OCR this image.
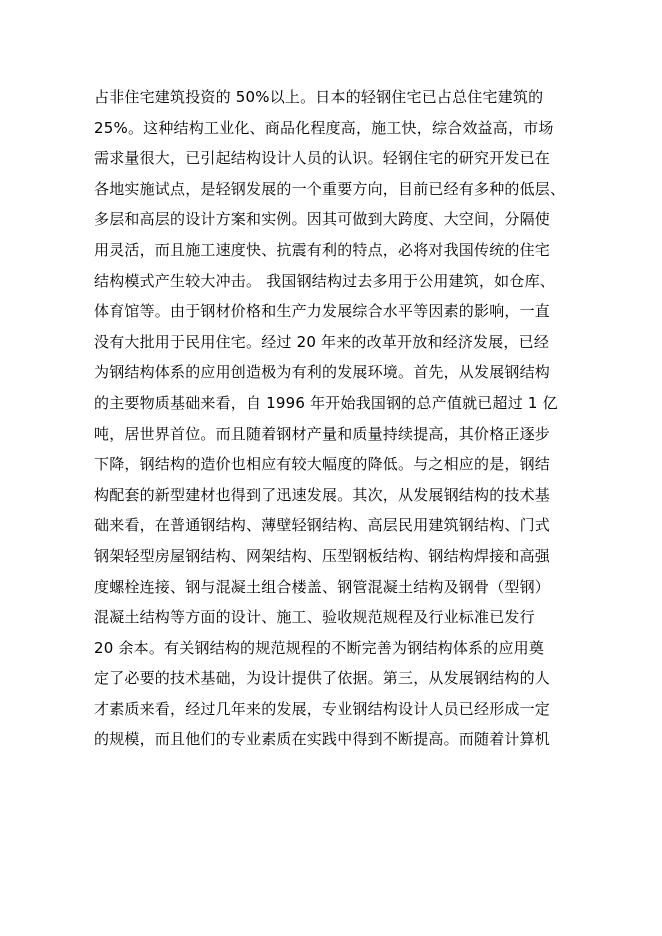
占非住宅建筑投资的 50%以上。日本的轻钢住宅已占总住宅建筑的
25%。这种结构工业化、商品化程度高，施工快，综合效益高，市场
需求量很大，已引起结构设计人员的认识。轻钢住宅的研究开发已在
各地实施试点，是轻钢发展的一个重要方向，目前已经有多种的低层、
多层和高层的设计方案和实例。因其可做到大跨度、大空间，分隔使
用灵活，而且施工速度快、抗震有利的特点，必将对我国传统的住宅
结构模式产生较大冲击。 我国钢结构过去多用于公用建筑，如仓库、
体育馆等。由于钢材价格和生产力发展综合水平等因素的影响，一直
没有大批用于民用住宅。经过 20 年来的改革开放和经济发展，已经
为钢结构体系的应用创造极为有利的发展环境。首先，从发展钢结构
的主要物质基础来看，自 1996 年开始我国钢的总产值就已超过 1 亿
吨，居世界首位。而且随着钢材产量和质量持续提高，其价格正逐步
下降，钢结构的造价也相应有较大幅度的降低。与之相应的是，钢结
构配套的新型建材也得到了迅速发展。其次，从发展钢结构的技术基
础来看，在普通钢结构、薄壁轻钢结构、高层民用建筑钢结构、门式
钢架轻型房屋钢结构、网架结构、压型钢板结构、钢结构焊接和高强
度螺栓连接、钢与混凝土组合楼盖、钢管混凝土结构及钢骨（型钢）
混凝土结构等方面的设计、施工、验收规范规程及行业标准已发行
20 余本。有关钢结构的规范规程的不断完善为钢结构体系的应用奠
定了必要的技术基础，为设计提供了依据。第三，从发展钢结构的人
才素质来看，经过几年来的发展，专业钢结构设计人员已经形成一定
的规模，而且他们的专业素质在实践中得到不断提高。而随着计算机
